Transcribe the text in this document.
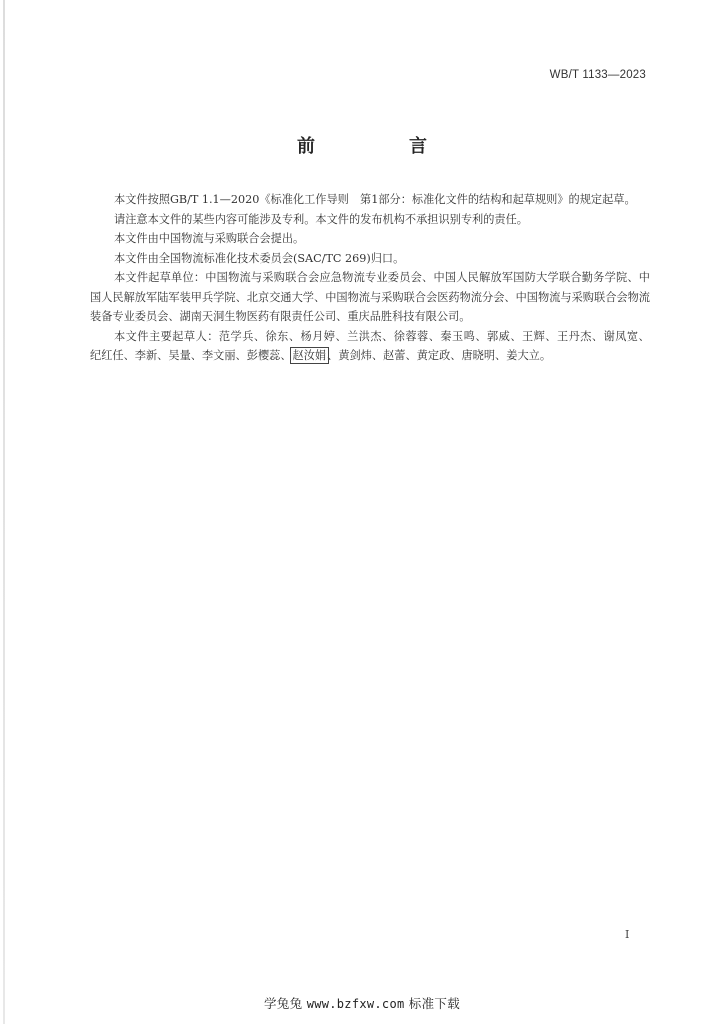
WB/T 1133—2023
前　言

本文件按照GB/T 1.1—2020《标准化工作导则　第1部分：标准化文件的结构和起草规则》的规定起草。

请注意本文件的某些内容可能涉及专利。本文件的发布机构不承担识别专利的责任。

本文件由中国物流与采购联合会提出。

本文件由全国物流标准化技术委员会(SAC/TC 269)归口。

本文件起草单位：中国物流与采购联合会应急物流专业委员会、中国人民解放军国防大学联合勤务学院、中国人民解放军陆军装甲兵学院、北京交通大学、中国物流与采购联合会医药物流分会、中国物流与采购联合会物流装备专业委员会、湖南天洞生物医药有限责任公司、重庆品胜科技有限公司。

本文件主要起草人：范学兵、徐东、杨月婷、兰洪杰、徐蓉蓉、秦玉鸣、郭威、王辉、王丹杰、谢凤宽、纪红任、李新、吴量、李文丽、彭樱蕊、赵汝娟、黄剑炜、赵蕾、黄定政、唐晓明、姜大立。

I
学兔兔 www.bzfxw.com 标准下载
